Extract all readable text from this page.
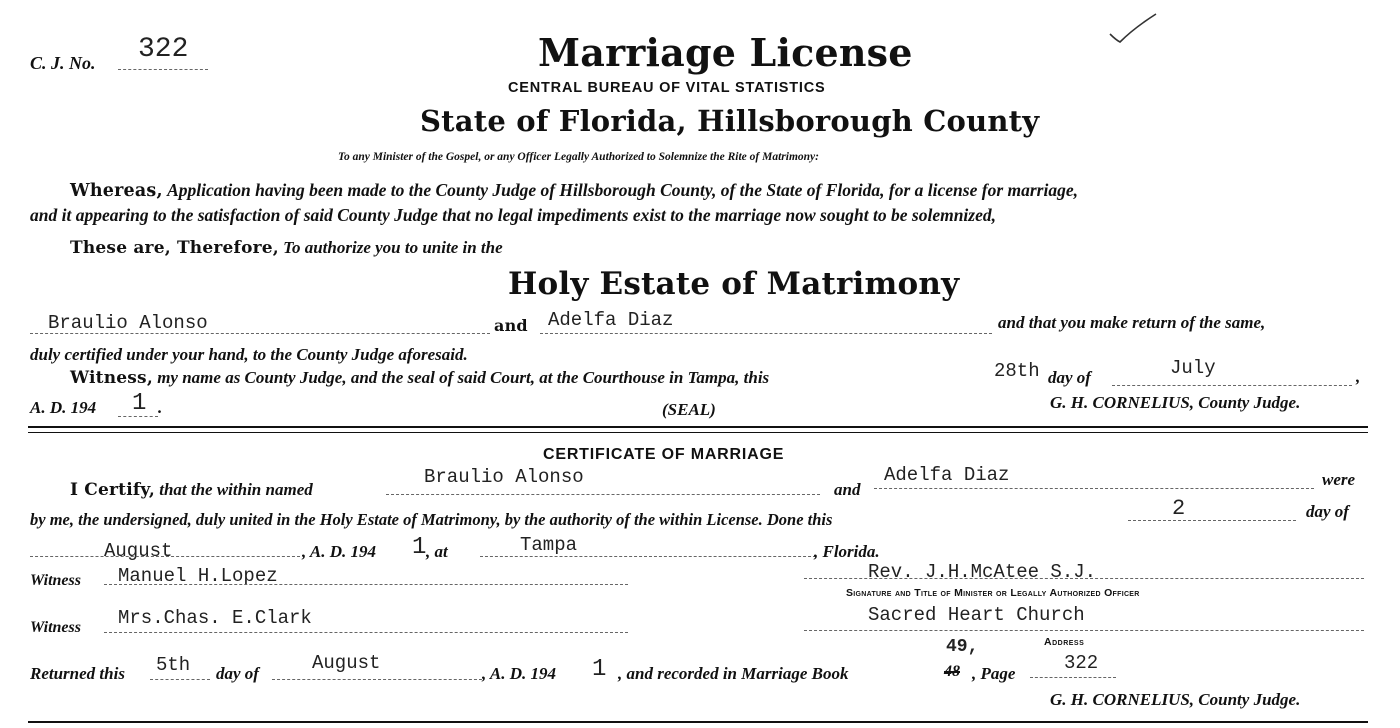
C. J. No. 322	Marriage License
CENTRAL BUREAU OF VITAL STATISTICS
State of Florida, Hillsborough County
To any Minister of the Gospel, or any Officer Legally Authorized to Solemnize the Rite of Matrimony:
Whereas, Application having been made to the County Judge of Hillsborough County, of the State of Florida, for a license for marriage,
and it appearing to the satisfaction of said County Judge that no legal impediments exist to the marriage now sought to be solemnized,
These are, Therefore, To authorize you to unite in the
Holy Estate of Matrimony
Braulio Alonso	and Adelfa Diaz	and that you make return of the same,
duly certified under your hand, to the County Judge aforesaid.
Witness, my name as County Judge, and the seal of said Court, at the Courthouse in Tampa, this	28th day of	July	,
A. D. 194 1 .	(SEAL)	G. H. CORNELIUS, County Judge.
CERTIFICATE OF MARRIAGE
I Certify, that the within named
Braulio Alonso
and
Adelfa Diaz	were
by me, the undersigned, duly united in the Holy Estate of Matrimony, by the authority of the within License. Done this	2	day of
August	, A. D. 194 1 , at	Tampa	, Florida.
Witness Manuel H.Lopez	Rev. J.H.McAtee S.J.
Signature and Title of Minister or Legally Authorized Officer
Witness Mrs.Chas. E.Clark	Sacred Heart Church
Address
Returned this 5th day of	August	, A. D. 194 1 , and recorded in Marriage Book	48
49,
, Page	322
G. H. CORNELIUS, County Judge.
